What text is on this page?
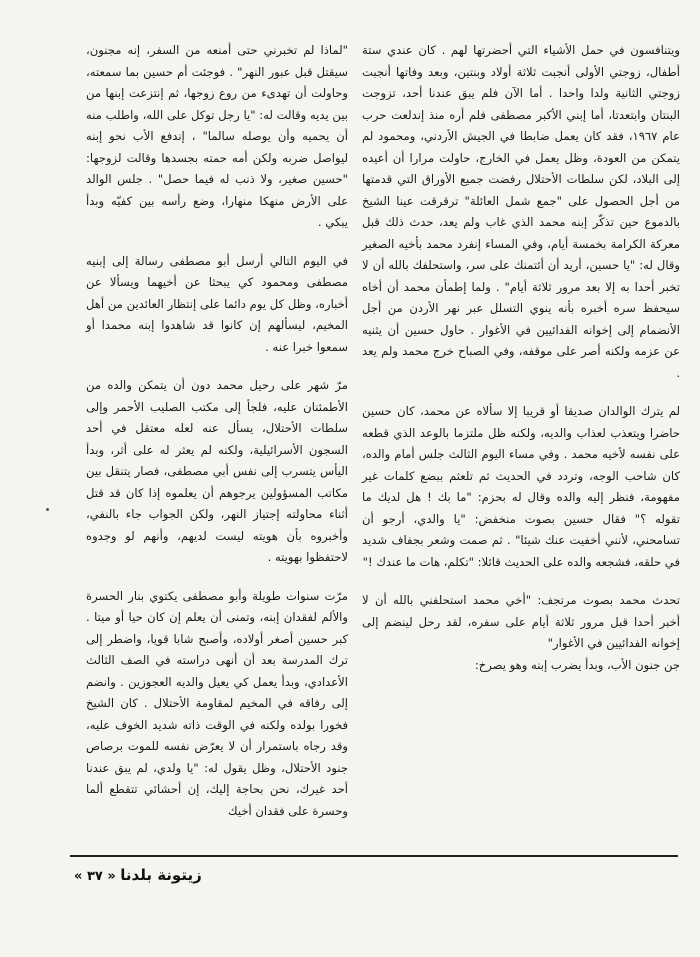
ويتنافسون في حمل الأشياء التي أحضرتها لهم . كان عندي ستة أطفال، زوجتي الأولى أنجبت ثلاثة أولاد وبنتين، وبعد وفاتها أنجبت زوجتي الثانية ولدا واحدا . أما الآن فلم يبق عندنا أحد، تزوجت البنتان وابتعدتا، أما إبني الأكبر مصطفى فلم أره منذ إندلعت حرب عام ١٩٦٧، فقد كان يعمل ضابطا في الجيش الأردني، ومحمود لم يتمكن من العودة، وظل يعمل في الخارج، حاولت مرارا أن أعيده إلى البلاد، لكن سلطات الأحتلال رفضت جميع الأوراق التي قدمتها من أجل الحصول على "جمع شمل العائلة" ترقرقت عينا الشيخ بالدموع حين تذكّر إبنه محمد الذي غاب ولم يعد، حدث ذلك قبل معركة الكرامة بخمسة أيام، وفي المساء إنفرد محمد بأخيه الصغير وقال له: "يا حسين، أريد أن أئتمنك على سر، واستحلفك بالله أن لا تخبر أحدا به إلا بعد مرور ثلاثة أيام" . ولما إطمأن محمد أن أخاه سيحفظ سره أخبره بأنه ينوي التسلل عبر نهر الأردن من أجل الأنضمام إلى إخوانه الفدائيين في الأغوار . حاول حسين أن يثنيه عن عزمه ولكنه أصر على موقفه، وفي الصباح خرج محمد ولم يعد .

لم يترك الوالدان صديقا أو قريبا إلا سألاه عن محمد، كان حسين حاضرا ويتعذب لعذاب والديه، ولكنه ظل ملتزما بالوعد الذي قطعه على نفسه لأخيه محمد . وفي مساء اليوم الثالث جلس أمام والده، كان شاحب الوجه، وتردد في الحديث ثم تلعثم ببضع كلمات غير مفهومة، فنظر إليه والده وقال له بحزم: "ما بك ! هل لديك ما تقوله ؟" فقال حسين بصوت منخفض: "يا والدي، أرجو أن تسامحني، لأنني أخفيت عنك شيئا" . ثم صمت وشعر بجفاف شديد في حلقه، فشجعه والده على الحديث قائلا: "تكلم، هات ما عندك !"

تحدث محمد بصوت مرتجف: "أخي محمد استحلفني بالله أن لا أخبر أحدا قبل مرور ثلاثة أيام على سفره، لقد رحل لينضم إلى إخوانه الفدائيين في الأغوار"

جن جنون الأب، وبدأ يضرب إبنه وهو يصرخ:

"لماذا لم تخبرني حتى أمنعه من السفر، إنه مجنون، سيقتل قبل عبور النهر" . فوجئت أم حسين بما سمعته، وحاولت أن تهدىء من روع زوجها، ثم إنتزعت إبنها من بين يديه وقالت له: "يا رجل توكل على الله، واطلب منه أن يحميه وأن يوصله سالما" ، إندفع الأب نحو إبنه ليواصل ضربه ولكن أمه حمته بجسدها وقالت لزوجها: "حسين صغير، ولا ذنب له فيما حصل" . جلس الوالد على الأرض منهكا منهارا، وضع رأسه بين كفيّه وبدأ يبكي .

في اليوم التالي أرسل أبو مصطفى رسالة إلى إبنيه مصطفى ومحمود كي يبحثا عن أخيهما ويسألا عن أخباره، وظل كل يوم دائما على إنتظار العائدين من أهل المخيم، ليسألهم إن كانوا قد شاهدوا إبنه محمدا أو سمعوا خبرا عنه .

مرّ شهر على رحيل محمد دون أن يتمكن والده من الأطمئنان عليه، فلجأ إلى مكتب الصليب الأحمر وإلى سلطات الأحتلال، يسأل عنه لعله معتقل في أحد السجون الأسرائيلية، ولكنه لم يعثر له على أثر، وبدأ اليأس يتسرب إلى نفس أبي مصطفى، فصار يتنقل بين مكاتب المسؤولين يرجوهم أن يعلموه إذا كان قد قتل أثناء محاولته إجتياز النهر، ولكن الجواب جاء بالنفي، وأخبروه بأن هويته ليست لديهم، وأنهم لو وجدوه لاحتفظوا بهويته .

مرّت سنوات طويلة وأبو مصطفى يكتوي بنار الحسرة والألم لفقدان إبنه، وتمنى أن يعلم إن كان حيا أو ميتا . كبر حسين أصغر أولاده، وأصبح شابا قويا، واضطر إلى ترك المدرسة بعد أن أنهى دراسته في الصف الثالث الأعدادي، وبدأ يعمل كي يعيل والديه العجوزين . وانضم إلى رفاقه في المخيم لمقاومة الأحتلال . كان الشيخ فخورا بولده ولكنه في الوقت ذاته شديد الخوف عليه، وقد رجاه باستمرار أن لا يعرّض نفسه للموت برصاص جنود الأحتلال، وظل يقول له: "يا ولدي، لم يبق عندنا أحد غيرك، نحن بحاجة إليك، إن أحشائي تتقطع ألما وحسرة على فقدان أخيك

زيتونة بلدنا « ٣٧ »
